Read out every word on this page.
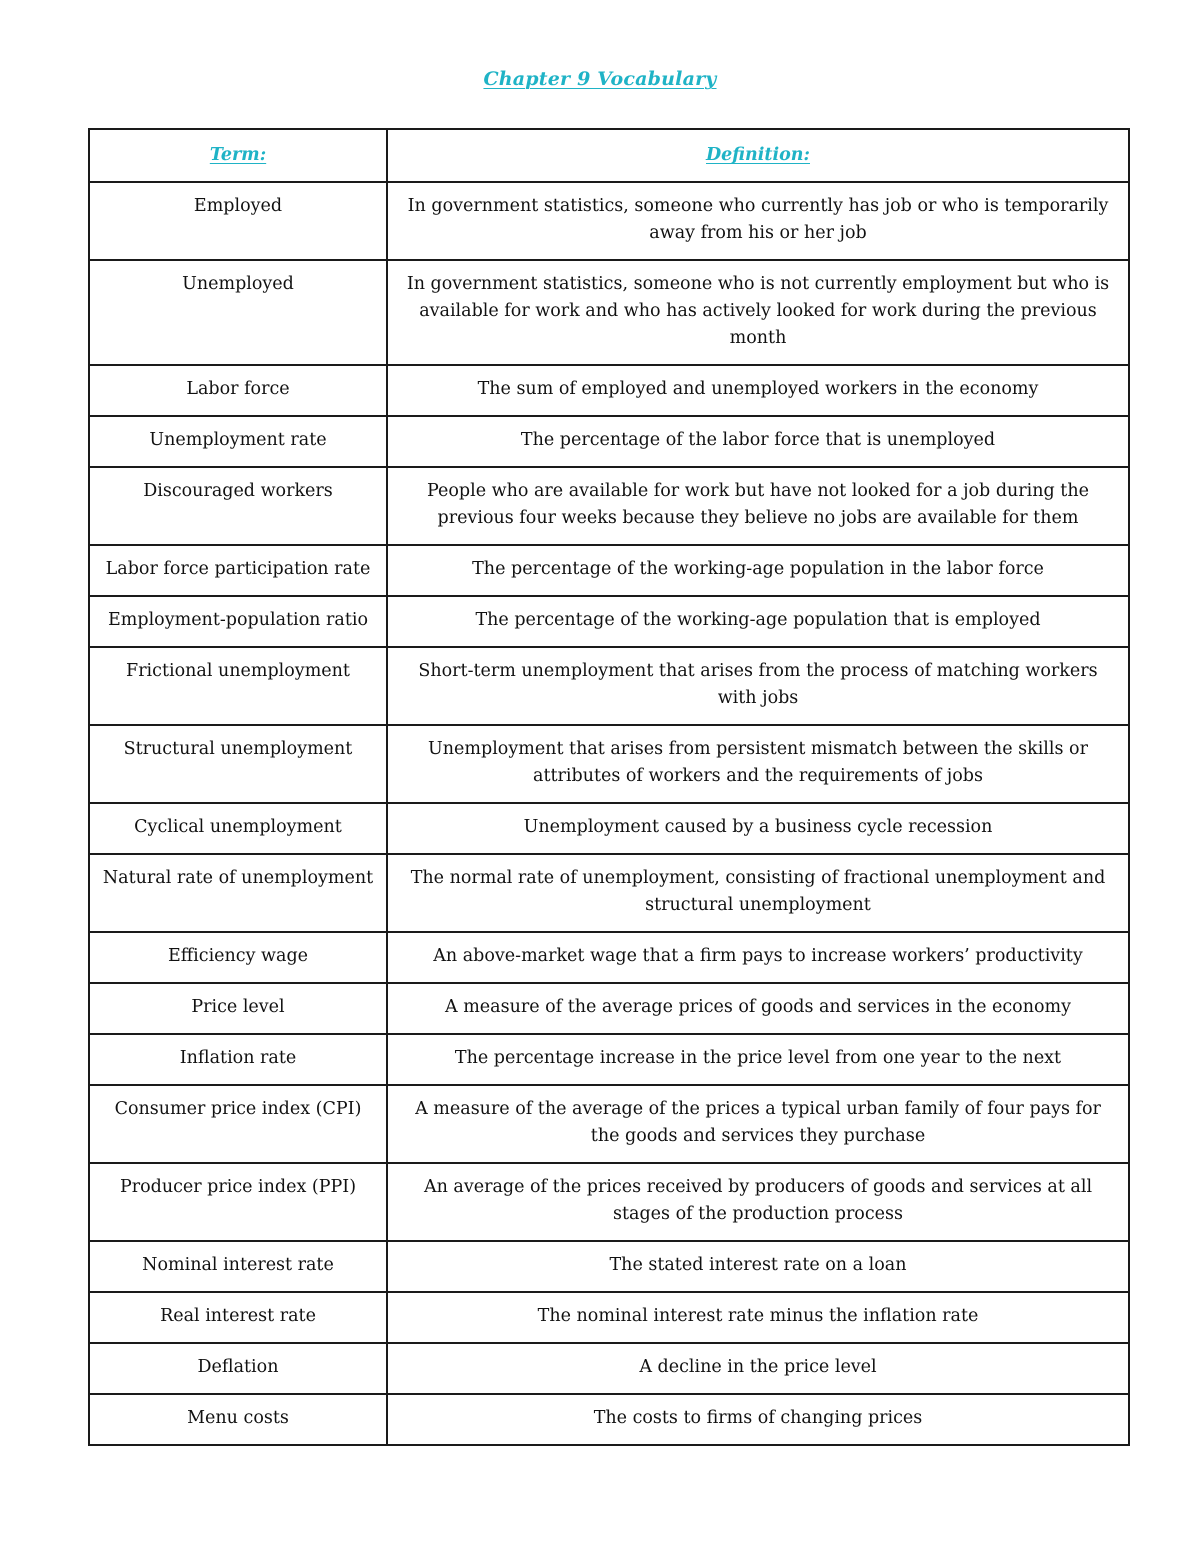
Chapter 9 Vocabulary
Term:	Definition:
Employed	In government statistics, someone who currently has job or who is temporarily away from his or her job
Unemployed	In government statistics, someone who is not currently employment but who is available for work and who has actively looked for work during the previous month
Labor force	The sum of employed and unemployed workers in the economy
Unemployment rate	The percentage of the labor force that is unemployed
Discouraged workers	People who are available for work but have not looked for a job during the previous four weeks because they believe no jobs are available for them
Labor force participation rate	The percentage of the working-age population in the labor force
Employment-population ratio	The percentage of the working-age population that is employed
Frictional unemployment	Short-term unemployment that arises from the process of matching workers with jobs
Structural unemployment	Unemployment that arises from persistent mismatch between the skills or attributes of workers and the requirements of jobs
Cyclical unemployment	Unemployment caused by a business cycle recession
Natural rate of unemployment	The normal rate of unemployment, consisting of fractional unemployment and structural unemployment
Efficiency wage	An above-market wage that a firm pays to increase workers’ productivity
Price level	A measure of the average prices of goods and services in the economy
Inflation rate	The percentage increase in the price level from one year to the next
Consumer price index (CPI)	A measure of the average of the prices a typical urban family of four pays for the goods and services they purchase
Producer price index (PPI)	An average of the prices received by producers of goods and services at all stages of the production process
Nominal interest rate	The stated interest rate on a loan
Real interest rate	The nominal interest rate minus the inflation rate
Deflation	A decline in the price level
Menu costs	The costs to firms of changing prices
